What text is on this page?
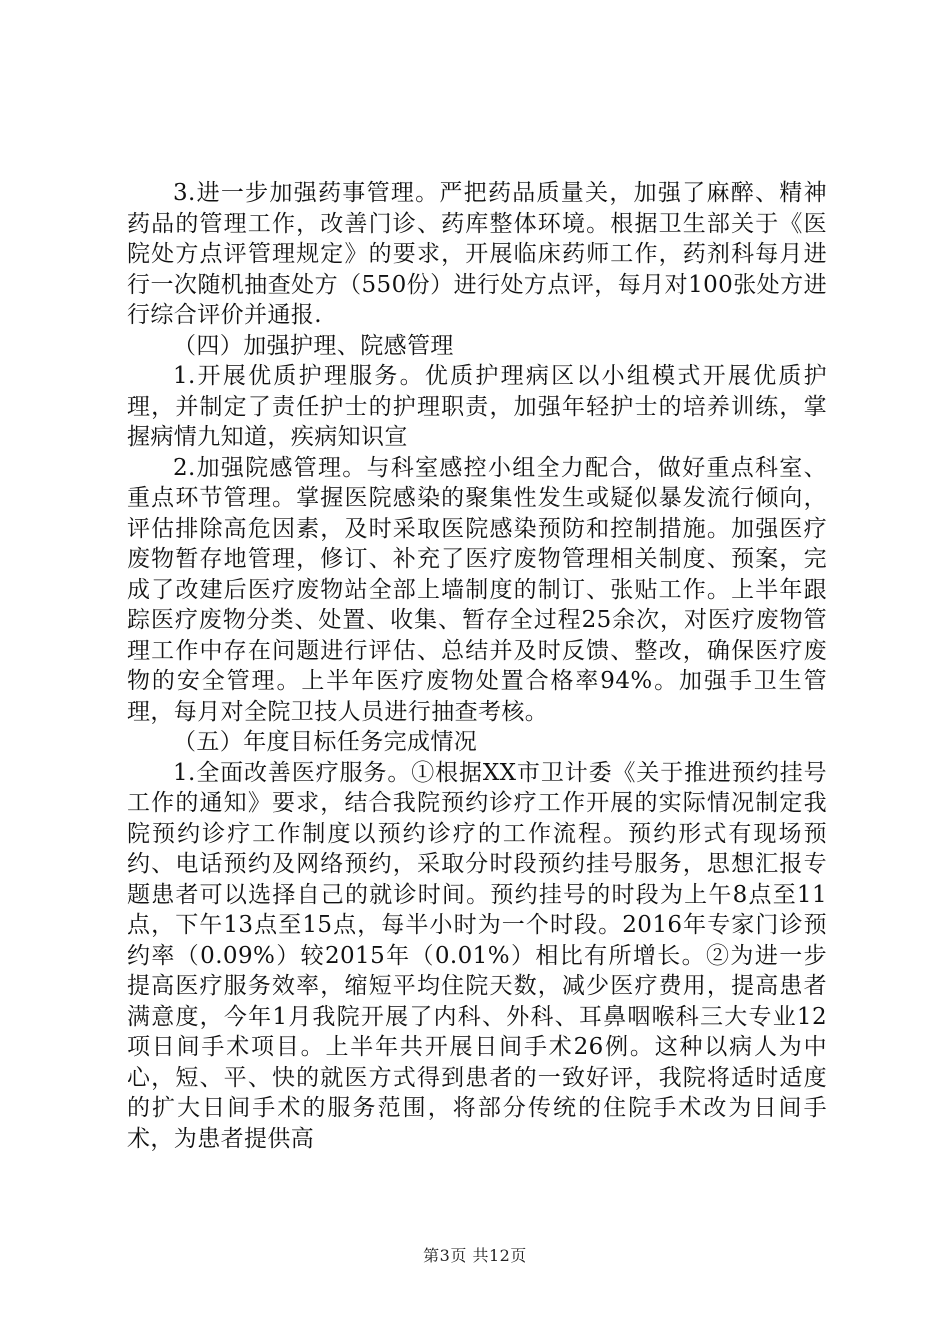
3.进一步加强药事管理。严把药品质量关，加强了麻醉、精神药品的管理工作，改善门诊、药库整体环境。根据卫生部关于《医院处方点评管理规定》的要求，开展临床药师工作，药剂科每月进行一次随机抽查处方（550份）进行处方点评，每月对100张处方进行综合评价并通报.

（四）加强护理、院感管理

1.开展优质护理服务。优质护理病区以小组模式开展优质护理，并制定了责任护士的护理职责，加强年轻护士的培养训练，掌握病情九知道，疾病知识宣

2.加强院感管理。与科室感控小组全力配合，做好重点科室、重点环节管理。掌握医院感染的聚集性发生或疑似暴发流行倾向，评估排除高危因素，及时采取医院感染预防和控制措施。加强医疗废物暂存地管理，修订、补充了医疗废物管理相关制度、预案，完成了改建后医疗废物站全部上墙制度的制订、张贴工作。上半年跟踪医疗废物分类、处置、收集、暂存全过程25余次，对医疗废物管理工作中存在问题进行评估、总结并及时反馈、整改，确保医疗废物的安全管理。上半年医疗废物处置合格率94%。加强手卫生管理，每月对全院卫技人员进行抽查考核。

（五）年度目标任务完成情况

1.全面改善医疗服务。①根据XX市卫计委《关于推进预约挂号工作的通知》要求，结合我院预约诊疗工作开展的实际情况制定我院预约诊疗工作制度以预约诊疗的工作流程。预约形式有现场预约、电话预约及网络预约，采取分时段预约挂号服务，思想汇报专题患者可以选择自己的就诊时间。预约挂号的时段为上午8点至11点，下午13点至15点，每半小时为一个时段。2016年专家门诊预约率（0.09%）较2015年（0.01%）相比有所增长。②为进一步提高医疗服务效率，缩短平均住院天数，减少医疗费用，提高患者满意度，今年1月我院开展了内科、外科、耳鼻咽喉科三大专业12项日间手术项目。上半年共开展日间手术26例。这种以病人为中心，短、平、快的就医方式得到患者的一致好评，我院将适时适度的扩大日间手术的服务范围，将部分传统的住院手术改为日间手术，为患者提供高

第3页 共12页
